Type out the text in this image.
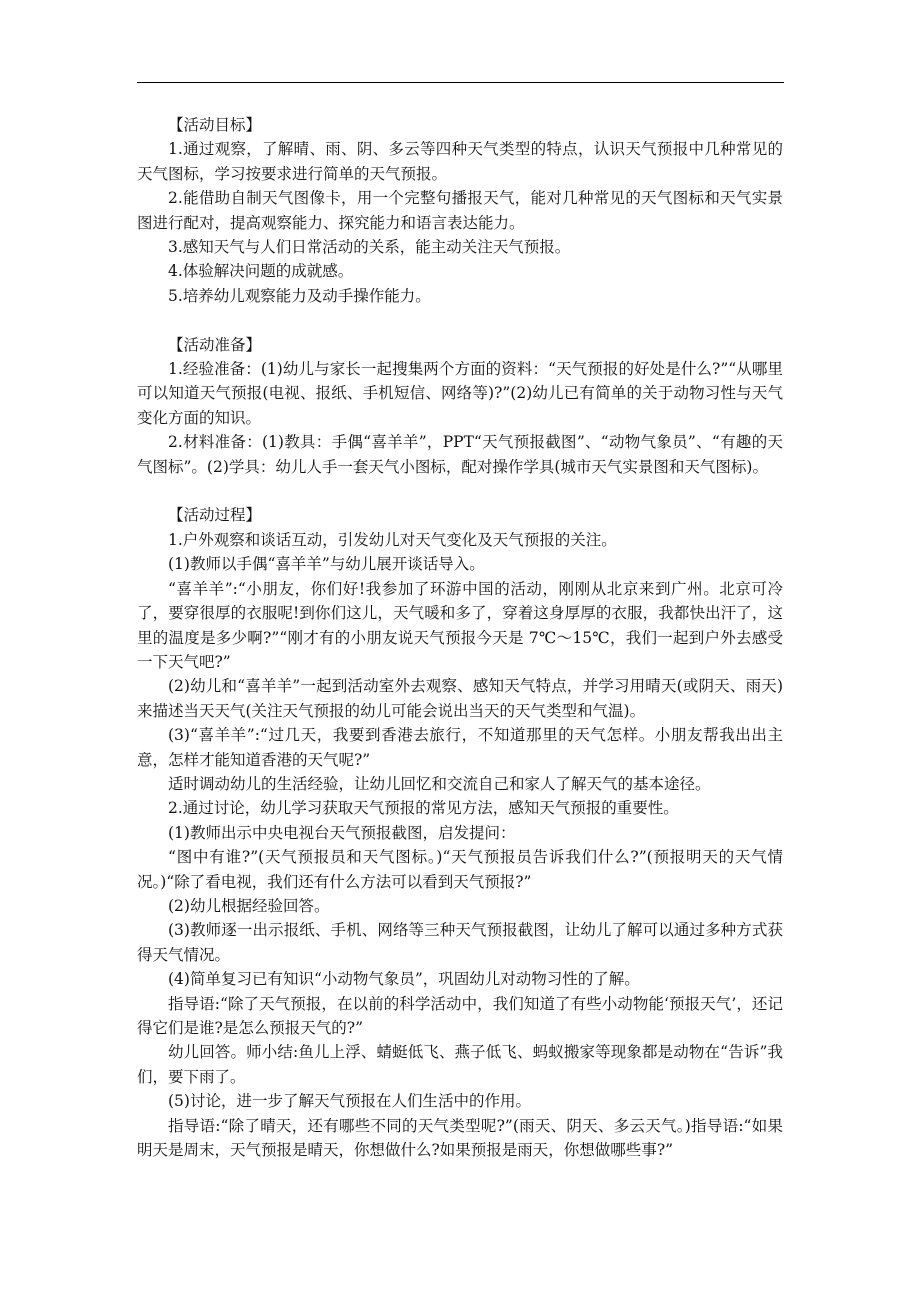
【活动目标】

1.通过观察，了解晴、雨、阴、多云等四种天气类型的特点，认识天气预报中几种常见的天气图标，学习按要求进行简单的天气预报。

2.能借助自制天气图像卡，用一个完整句播报天气，能对几种常见的天气图标和天气实景图进行配对，提高观察能力、探究能力和语言表达能力。

3.感知天气与人们日常活动的关系，能主动关注天气预报。

4.体验解决问题的成就感。

5.培养幼儿观察能力及动手操作能力。

【活动准备】

1.经验准备：(1)幼儿与家长一起搜集两个方面的资料：“天气预报的好处是什么?”“从哪里可以知道天气预报(电视、报纸、手机短信、网络等)?”(2)幼儿已有简单的关于动物习性与天气变化方面的知识。

2.材料准备：(1)教具：手偶“喜羊羊”，PPT“天气预报截图”、“动物气象员”、“有趣的天气图标”。(2)学具：幼儿人手一套天气小图标，配对操作学具(城市天气实景图和天气图标)。

【活动过程】

1.户外观察和谈话互动，引发幼儿对天气变化及天气预报的关注。

(1)教师以手偶“喜羊羊”与幼儿展开谈话导入。

“喜羊羊”:“小朋友，你们好!我参加了环游中国的活动，刚刚从北京来到广州。北京可冷了，要穿很厚的衣服呢!到你们这儿，天气暖和多了，穿着这身厚厚的衣服，我都快出汗了，这里的温度是多少啊?”“刚才有的小朋友说天气预报今天是 7℃～15℃，我们一起到户外去感受一下天气吧?”

(2)幼儿和“喜羊羊”一起到活动室外去观察、感知天气特点，并学习用晴天(或阴天、雨天)来描述当天天气(关注天气预报的幼儿可能会说出当天的天气类型和气温)。

(3)“喜羊羊”:“过几天，我要到香港去旅行，不知道那里的天气怎样。小朋友帮我出出主意，怎样才能知道香港的天气呢?”

适时调动幼儿的生活经验，让幼儿回忆和交流自己和家人了解天气的基本途径。

2.通过讨论，幼儿学习获取天气预报的常见方法，感知天气预报的重要性。

(1)教师出示中央电视台天气预报截图，启发提问：

“图中有谁?”(天气预报员和天气图标。)“天气预报员告诉我们什么?”(预报明天的天气情况。)“除了看电视，我们还有什么方法可以看到天气预报?”

(2)幼儿根据经验回答。

(3)教师逐一出示报纸、手机、网络等三种天气预报截图，让幼儿了解可以通过多种方式获得天气情况。

(4)简单复习已有知识“小动物气象员”，巩固幼儿对动物习性的了解。

指导语:“除了天气预报，在以前的科学活动中，我们知道了有些小动物能‘预报天气’，还记得它们是谁?是怎么预报天气的?”

幼儿回答。师小结:鱼儿上浮、蜻蜓低飞、燕子低飞、蚂蚁搬家等现象都是动物在“告诉”我们，要下雨了。

(5)讨论，进一步了解天气预报在人们生活中的作用。

指导语:“除了晴天，还有哪些不同的天气类型呢?”(雨天、阴天、多云天气。)指导语:“如果明天是周末，天气预报是晴天，你想做什么?如果预报是雨天，你想做哪些事?”
